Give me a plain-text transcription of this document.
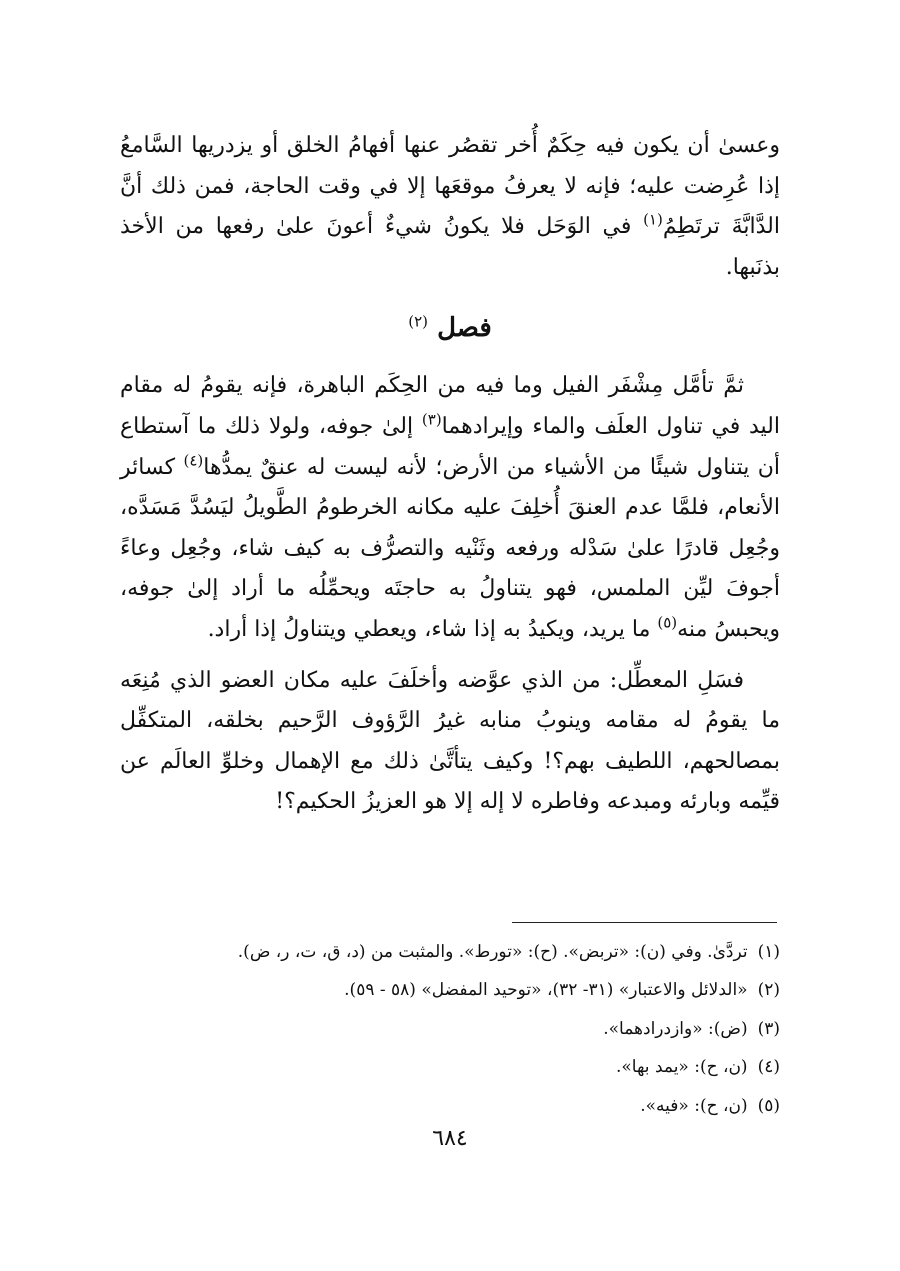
وعسىٰ أن يكون فيه حِكَمٌ أُخر تقصُر عنها أفهامُ الخلق أو يزدريها السَّامعُ إذا عُرِضت عليه؛ فإنه لا يعرفُ موقعَها إلا في وقت الحاجة، فمن ذلك أنَّ الدَّابَّةَ ترتَطِمُ$^{(١)}$ في الوَحَل فلا يكونُ شيءٌ أعونَ علىٰ رفعها من الأخذ بذنَبها.

فصل $^{(٢)}$

ثمَّ تأمَّل مِشْفَر الفيل وما فيه من الحِكَم الباهرة، فإنه يقومُ له مقام اليد في تناول العلَف والماء وإيرادهما$^{(٣)}$ إلىٰ جوفه، ولولا ذلك ما آستطاع أن يتناول شيئًا من الأشياء من الأرض؛ لأنه ليست له عنقٌ يمدُّها$^{(٤)}$ كسائر الأنعام، فلمَّا عدم العنقَ أُخلِفَ عليه مكانه الخرطومُ الطَّويلُ ليَسُدَّ مَسَدَّه، وجُعِل قادرًا علىٰ سَدْله ورفعه وثَنْيه والتصرُّف به كيف شاء، وجُعِل وعاءً أجوفَ ليِّن الملمس، فهو يتناولُ به حاجتَه ويحمِّلُه ما أراد إلىٰ جوفه، ويحبسُ منه$^{(٥)}$ ما يريد، ويكيدُ به إذا شاء، ويعطي ويتناولُ إذا أراد.

فسَلِ المعطِّل: من الذي عوَّضه وأخلَفَ عليه مكان العضو الذي مُنِعَه ما يقومُ له مقامه وينوبُ منابه غيرُ الرَّؤوف الرَّحيم بخلقه، المتكفِّل بمصالحهم، اللطيف بهم؟! وكيف يتأتَّىٰ ذلك مع الإهمال وخلوِّ العالَم عن قيِّمه وبارئه ومبدعه وفاطره لا إله إلا هو العزيزُ الحكيم؟!

(١)تردَّىٰ. وفي (ن): «تربض». (ح): «تورط». والمثبت من (د، ق، ت، ر، ض).
(٢)«الدلائل والاعتبار» (٣١- ٣٢)، «توحيد المفضل» (٥٨ - ٥٩).
(٣)(ض): «وازدرادهما».
(٤)(ن، ح): «يمد بها».
(٥)(ن، ح): «فيه».
٦٨٤
